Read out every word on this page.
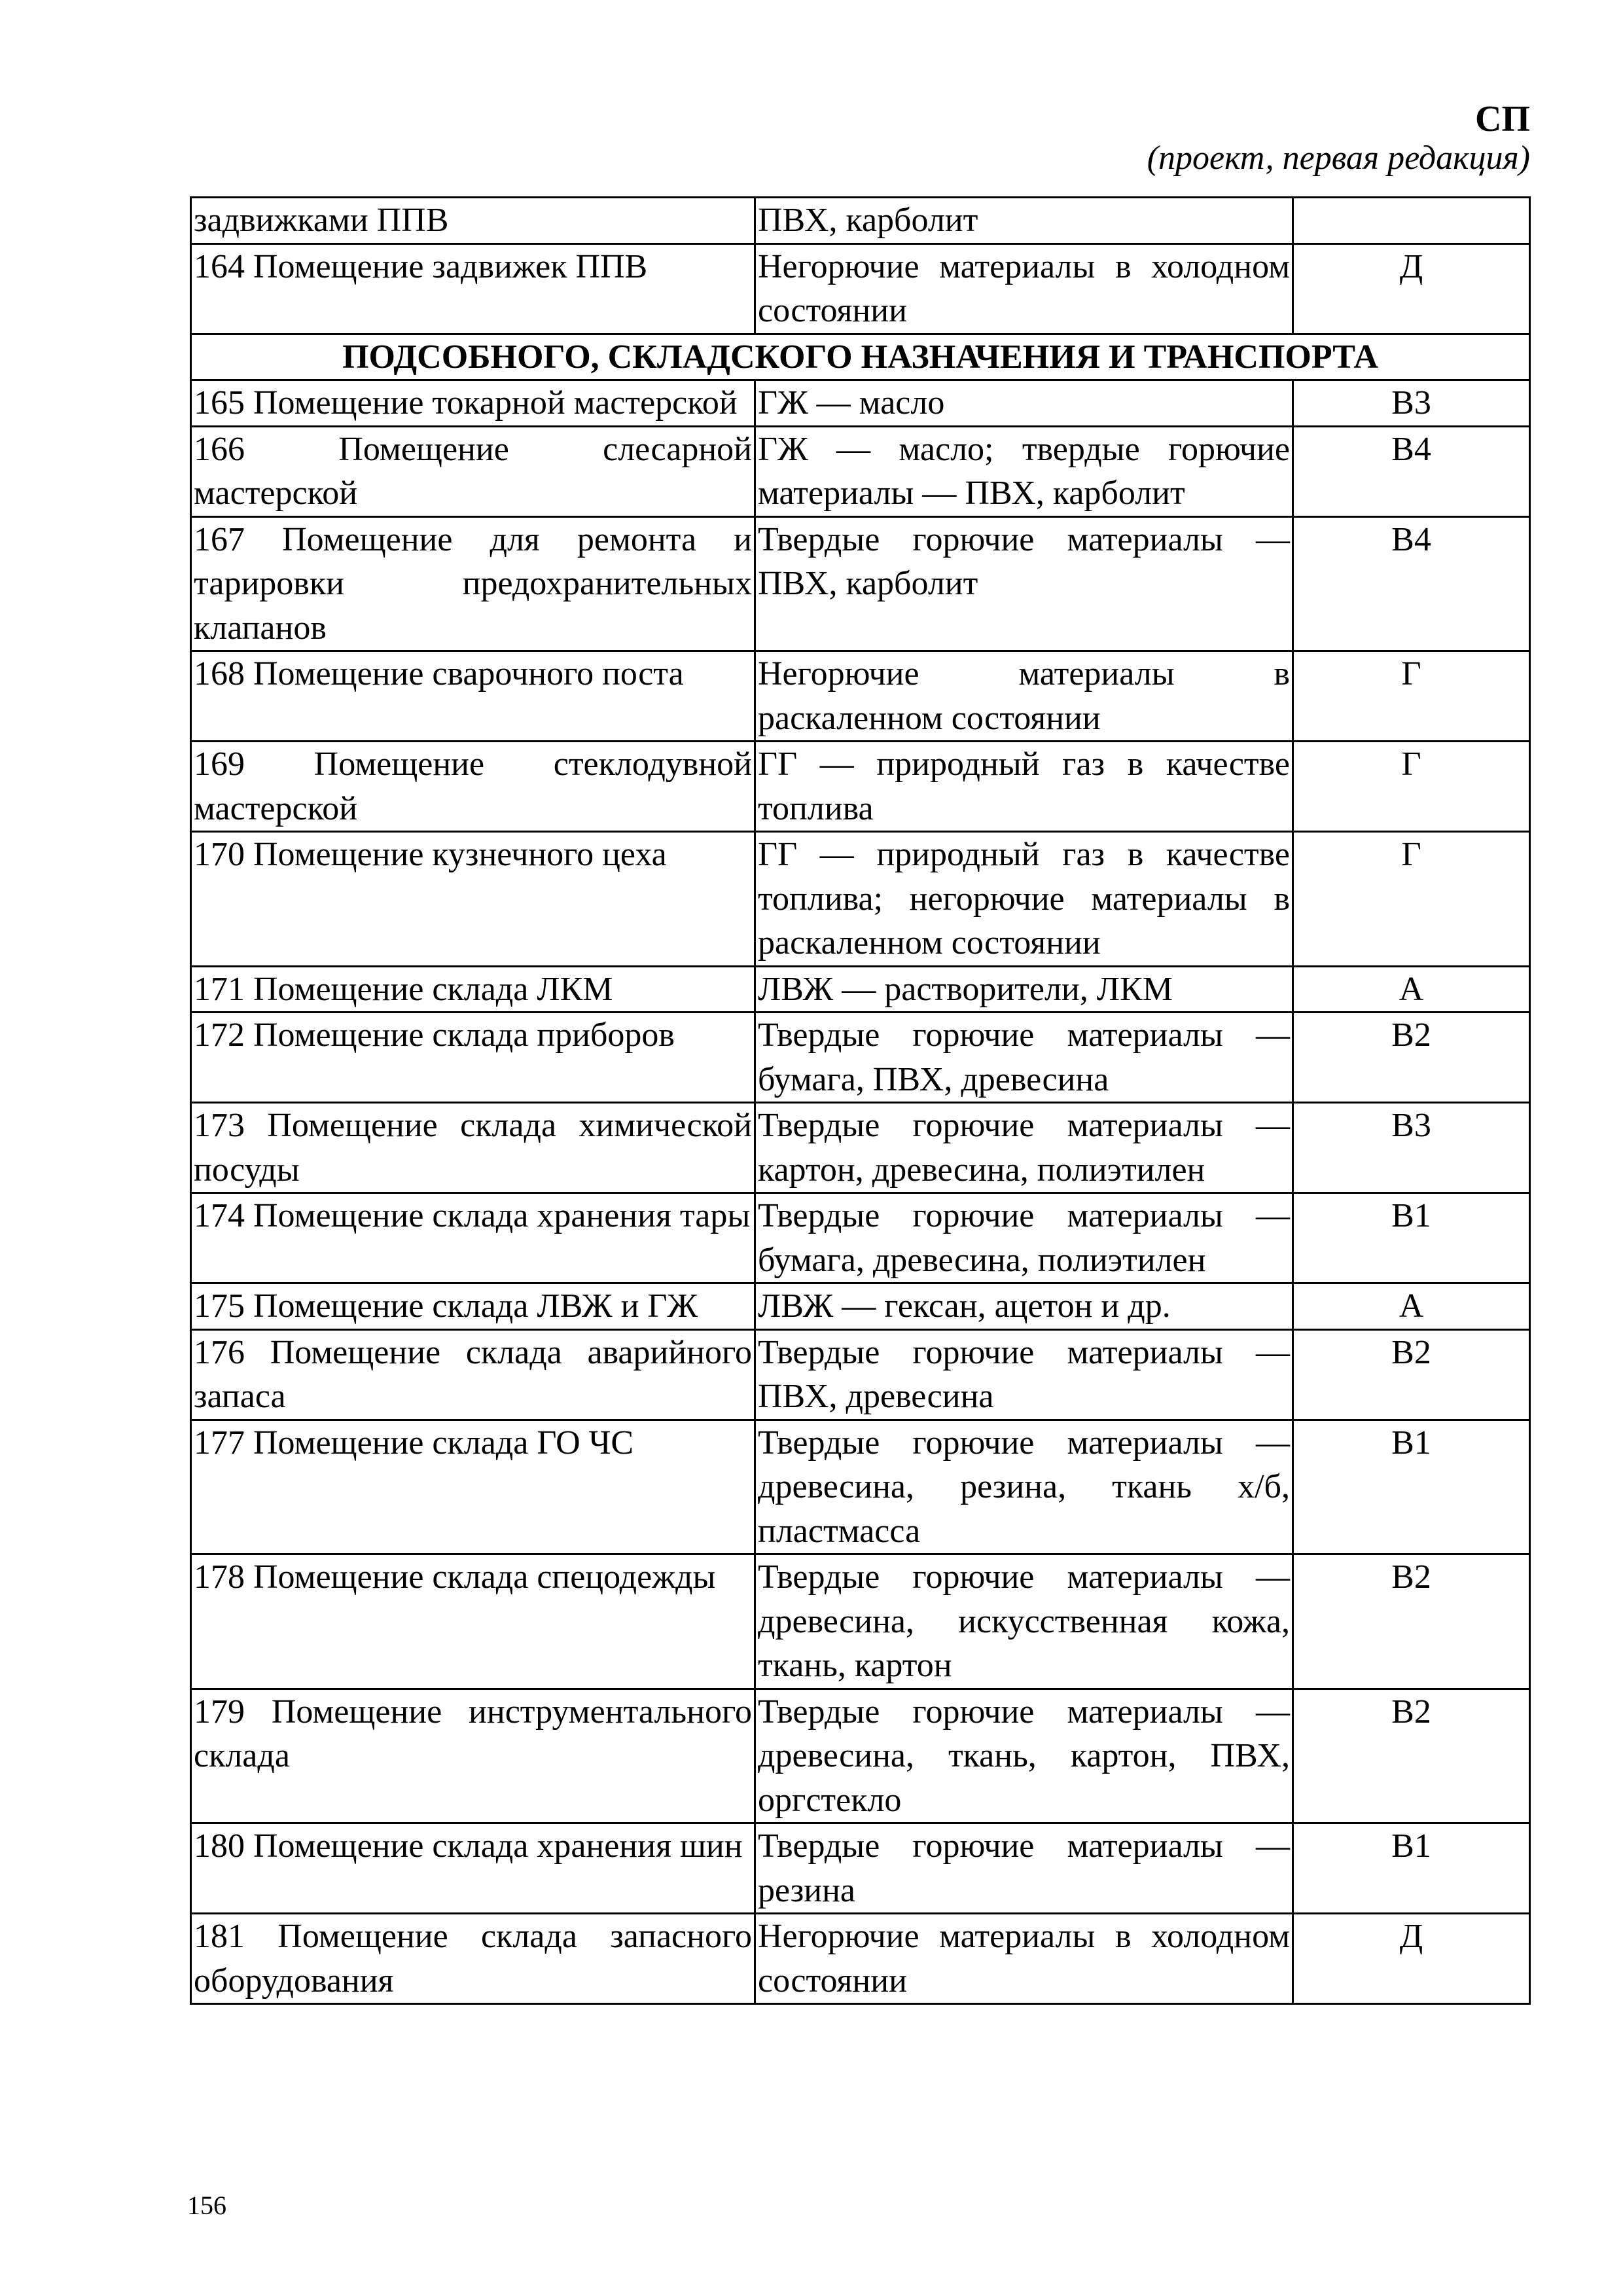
СП
(проект, первая редакция)
задвижками ППВ	ПВХ, карболит	
164 Помещение задвижек ППВ	Негорючие материалы в холодном состоянии	Д
ПОДСОБНОГО, СКЛАДСКОГО НАЗНАЧЕНИЯ И ТРАНСПОРТА		
165 Помещение токарной мастерской	ГЖ — масло	В3
166 Помещение слесарной мастерской	ГЖ — масло; твердые горючие материалы — ПВХ, карболит	В4
167 Помещение для ремонта и тарировки предохранительных клапанов	Твердые горючие материалы — ПВХ, карболит	В4
168 Помещение сварочного поста	Негорючие материалы в раскаленном состоянии	Г
169 Помещение стеклодувной мастерской	ГГ — природный газ в качестве топлива	Г
170 Помещение кузнечного цеха	ГГ — природный газ в качестве топлива; негорючие материалы в раскаленном состоянии	Г
171 Помещение склада ЛКМ	ЛВЖ — растворители, ЛКМ	А
172 Помещение склада приборов	Твердые горючие материалы — бумага, ПВХ, древесина	В2
173 Помещение склада химической посуды	Твердые горючие материалы — картон, древесина, полиэтилен	В3
174 Помещение склада хранения тары	Твердые горючие материалы — бумага, древесина, полиэтилен	В1
175 Помещение склада ЛВЖ и ГЖ	ЛВЖ — гексан, ацетон и др.	А
176 Помещение склада аварийного запаса	Твердые горючие материалы — ПВХ, древесина	В2
177 Помещение склада ГО ЧС	Твердые горючие материалы — древесина, резина, ткань х/б, пластмасса	В1
178 Помещение склада спецодежды	Твердые горючие материалы — древесина, искусственная кожа, ткань, картон	В2
179 Помещение инструментального склада	Твердые горючие материалы — древесина, ткань, картон, ПВХ, оргстекло	В2
180 Помещение склада хранения шин	Твердые горючие материалы — резина	В1
181 Помещение склада запасного оборудования	Негорючие материалы в холодном состоянии	Д
156
